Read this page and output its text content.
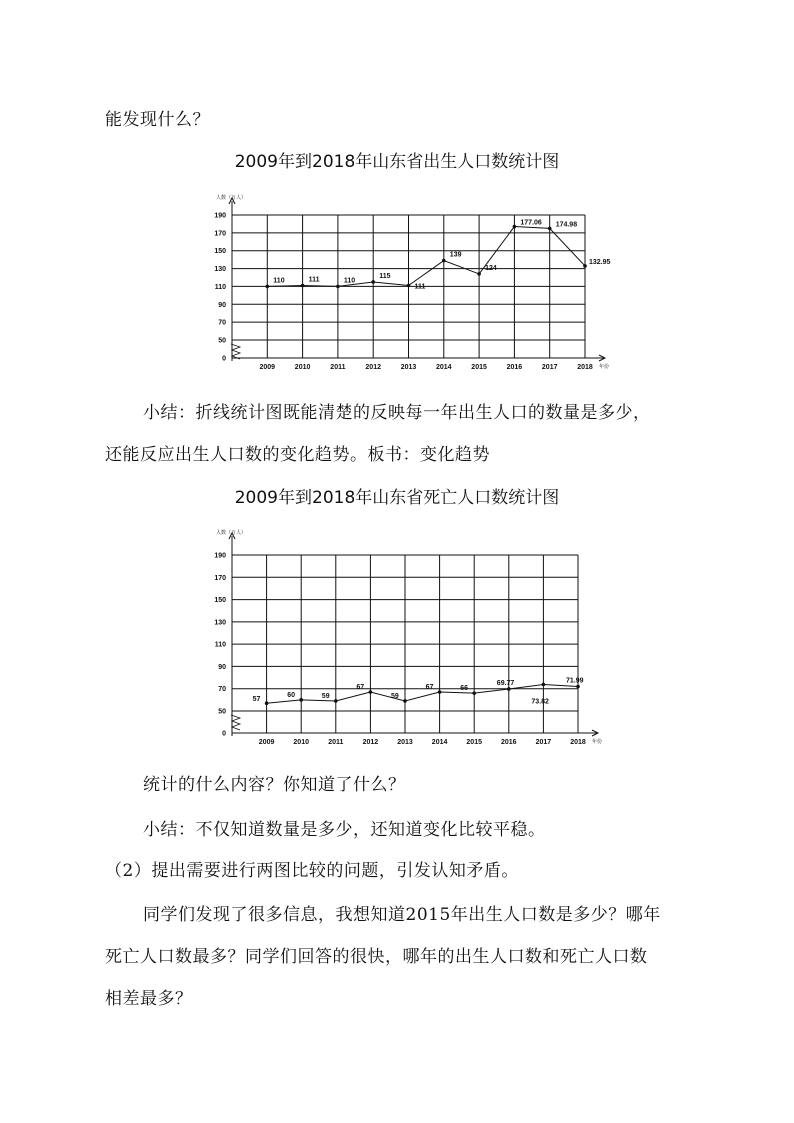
能发现什么？
2009年到2018年山东省出生人口数统计图
0
50
70
90
110
130
150
170
190
人数（万人）
年份
2009	2010	2011	2012	2013	2014	2015	2016	2017	2018
110	111	110
115
111
139
124
177.06 174.98
132.95
小结：折线统计图既能清楚的反映每一年出生人口的数量是多少，
还能反应出生人口数的变化趋势。板书：变化趋势
2009年到2018年山东省死亡人口数统计图
0
50
70
90
110
130
150
170
190
人数（万人）
年份
2009	2010	2011	2012	2013	2014	2015	2016	2017	2018
57
60	59
67
59
67	66
69.77
73.82
71.99
统计的什么内容？你知道了什么？
小结：不仅知道数量是多少，还知道变化比较平稳。
（2）提出需要进行两图比较的问题，引发认知矛盾。
同学们发现了很多信息，我想知道2015年出生人口数是多少？哪年
死亡人口数最多？同学们回答的很快，哪年的出生人口数和死亡人口数
相差最多？
